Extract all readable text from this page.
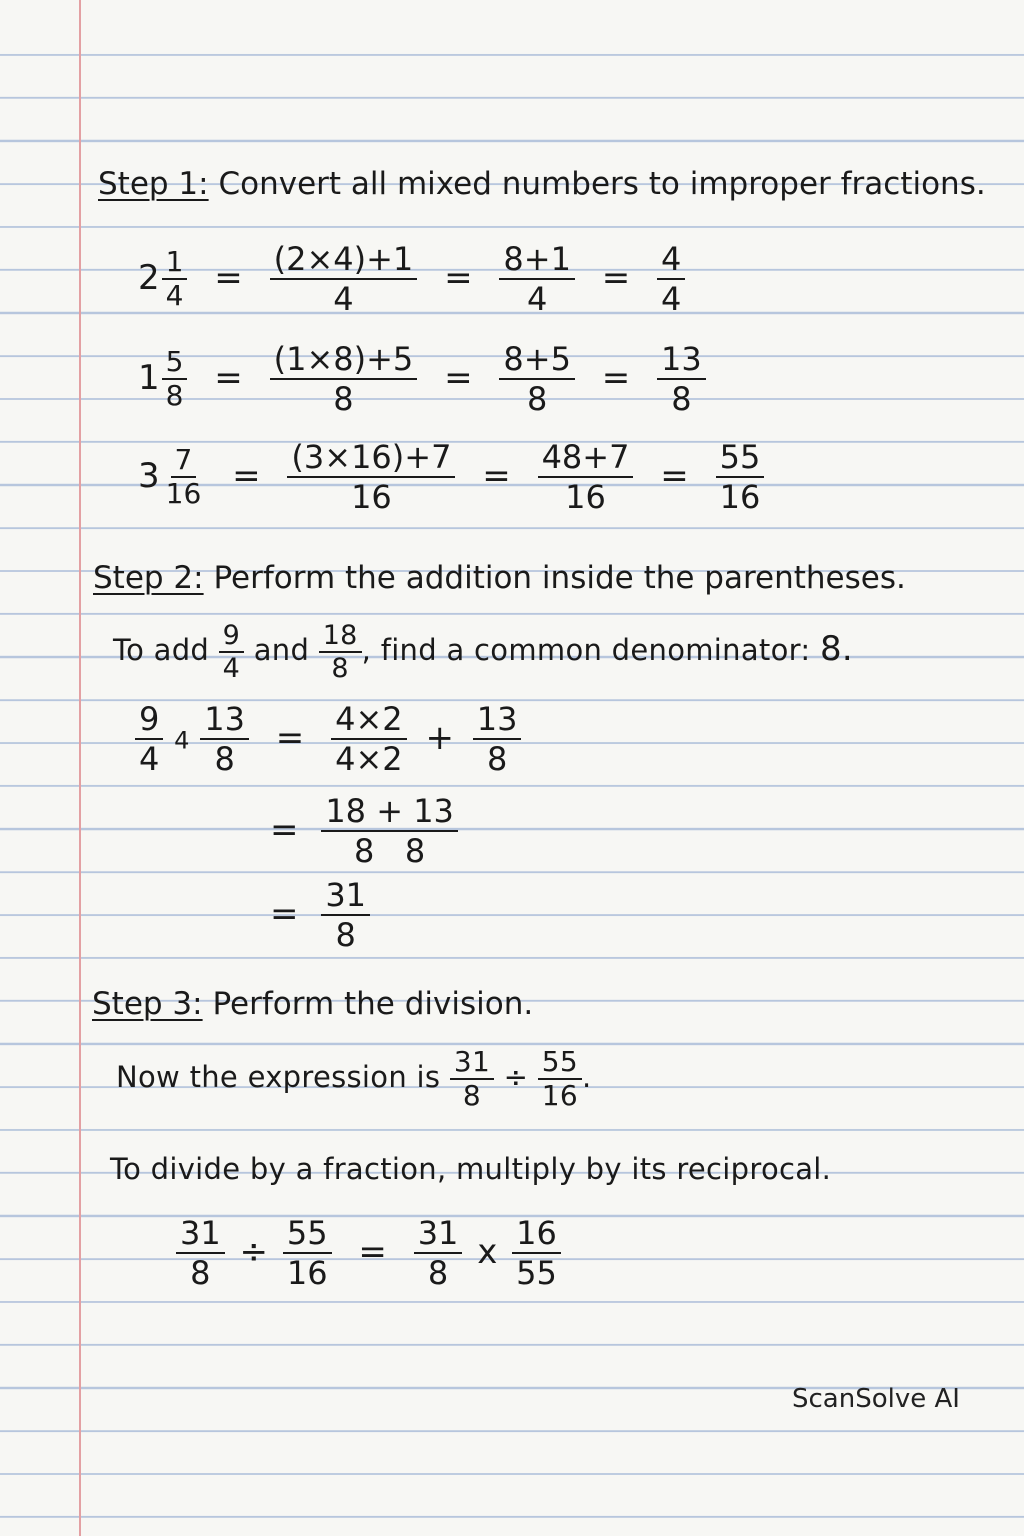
Step 1: Convert all mixed numbers to improper fractions.
$2 \frac{1}{4} = \frac{(2\times 4)+1}{4} = \frac{8+1}{4} = \frac{4}{4}$
$1 \frac{5}{8} = \frac{(1\times 8)+5}{8} = \frac{8+5}{8} = \frac{13}{8}$
$3 \frac{7}{16} = \frac{(3\times 16)+7}{16} = \frac{48+7}{16} = \frac{55}{16}$
Step 2: Perform the addition inside the parentheses.
To add $\frac{9}{4}$ and $\frac{18}{8}$ , find a common denominator: 8.
$\frac{9}{4} 4 \frac{13}{8} = \frac{4\times 2}{4\times 2} + \frac{13}{8}$
= $\frac{18 + 13}{8 8}$
= $\frac{31}{8}$
Step 3: Perform the division.
Now the expression is $\frac{31}{8} \div \frac{55}{16}$ .
To divide by a fraction, multiply by its reciprocal.
$\frac{31}{8} \div \frac{55}{16} = \frac{31}{8}$ x $\frac{16}{55}$
ScanSolve AI
